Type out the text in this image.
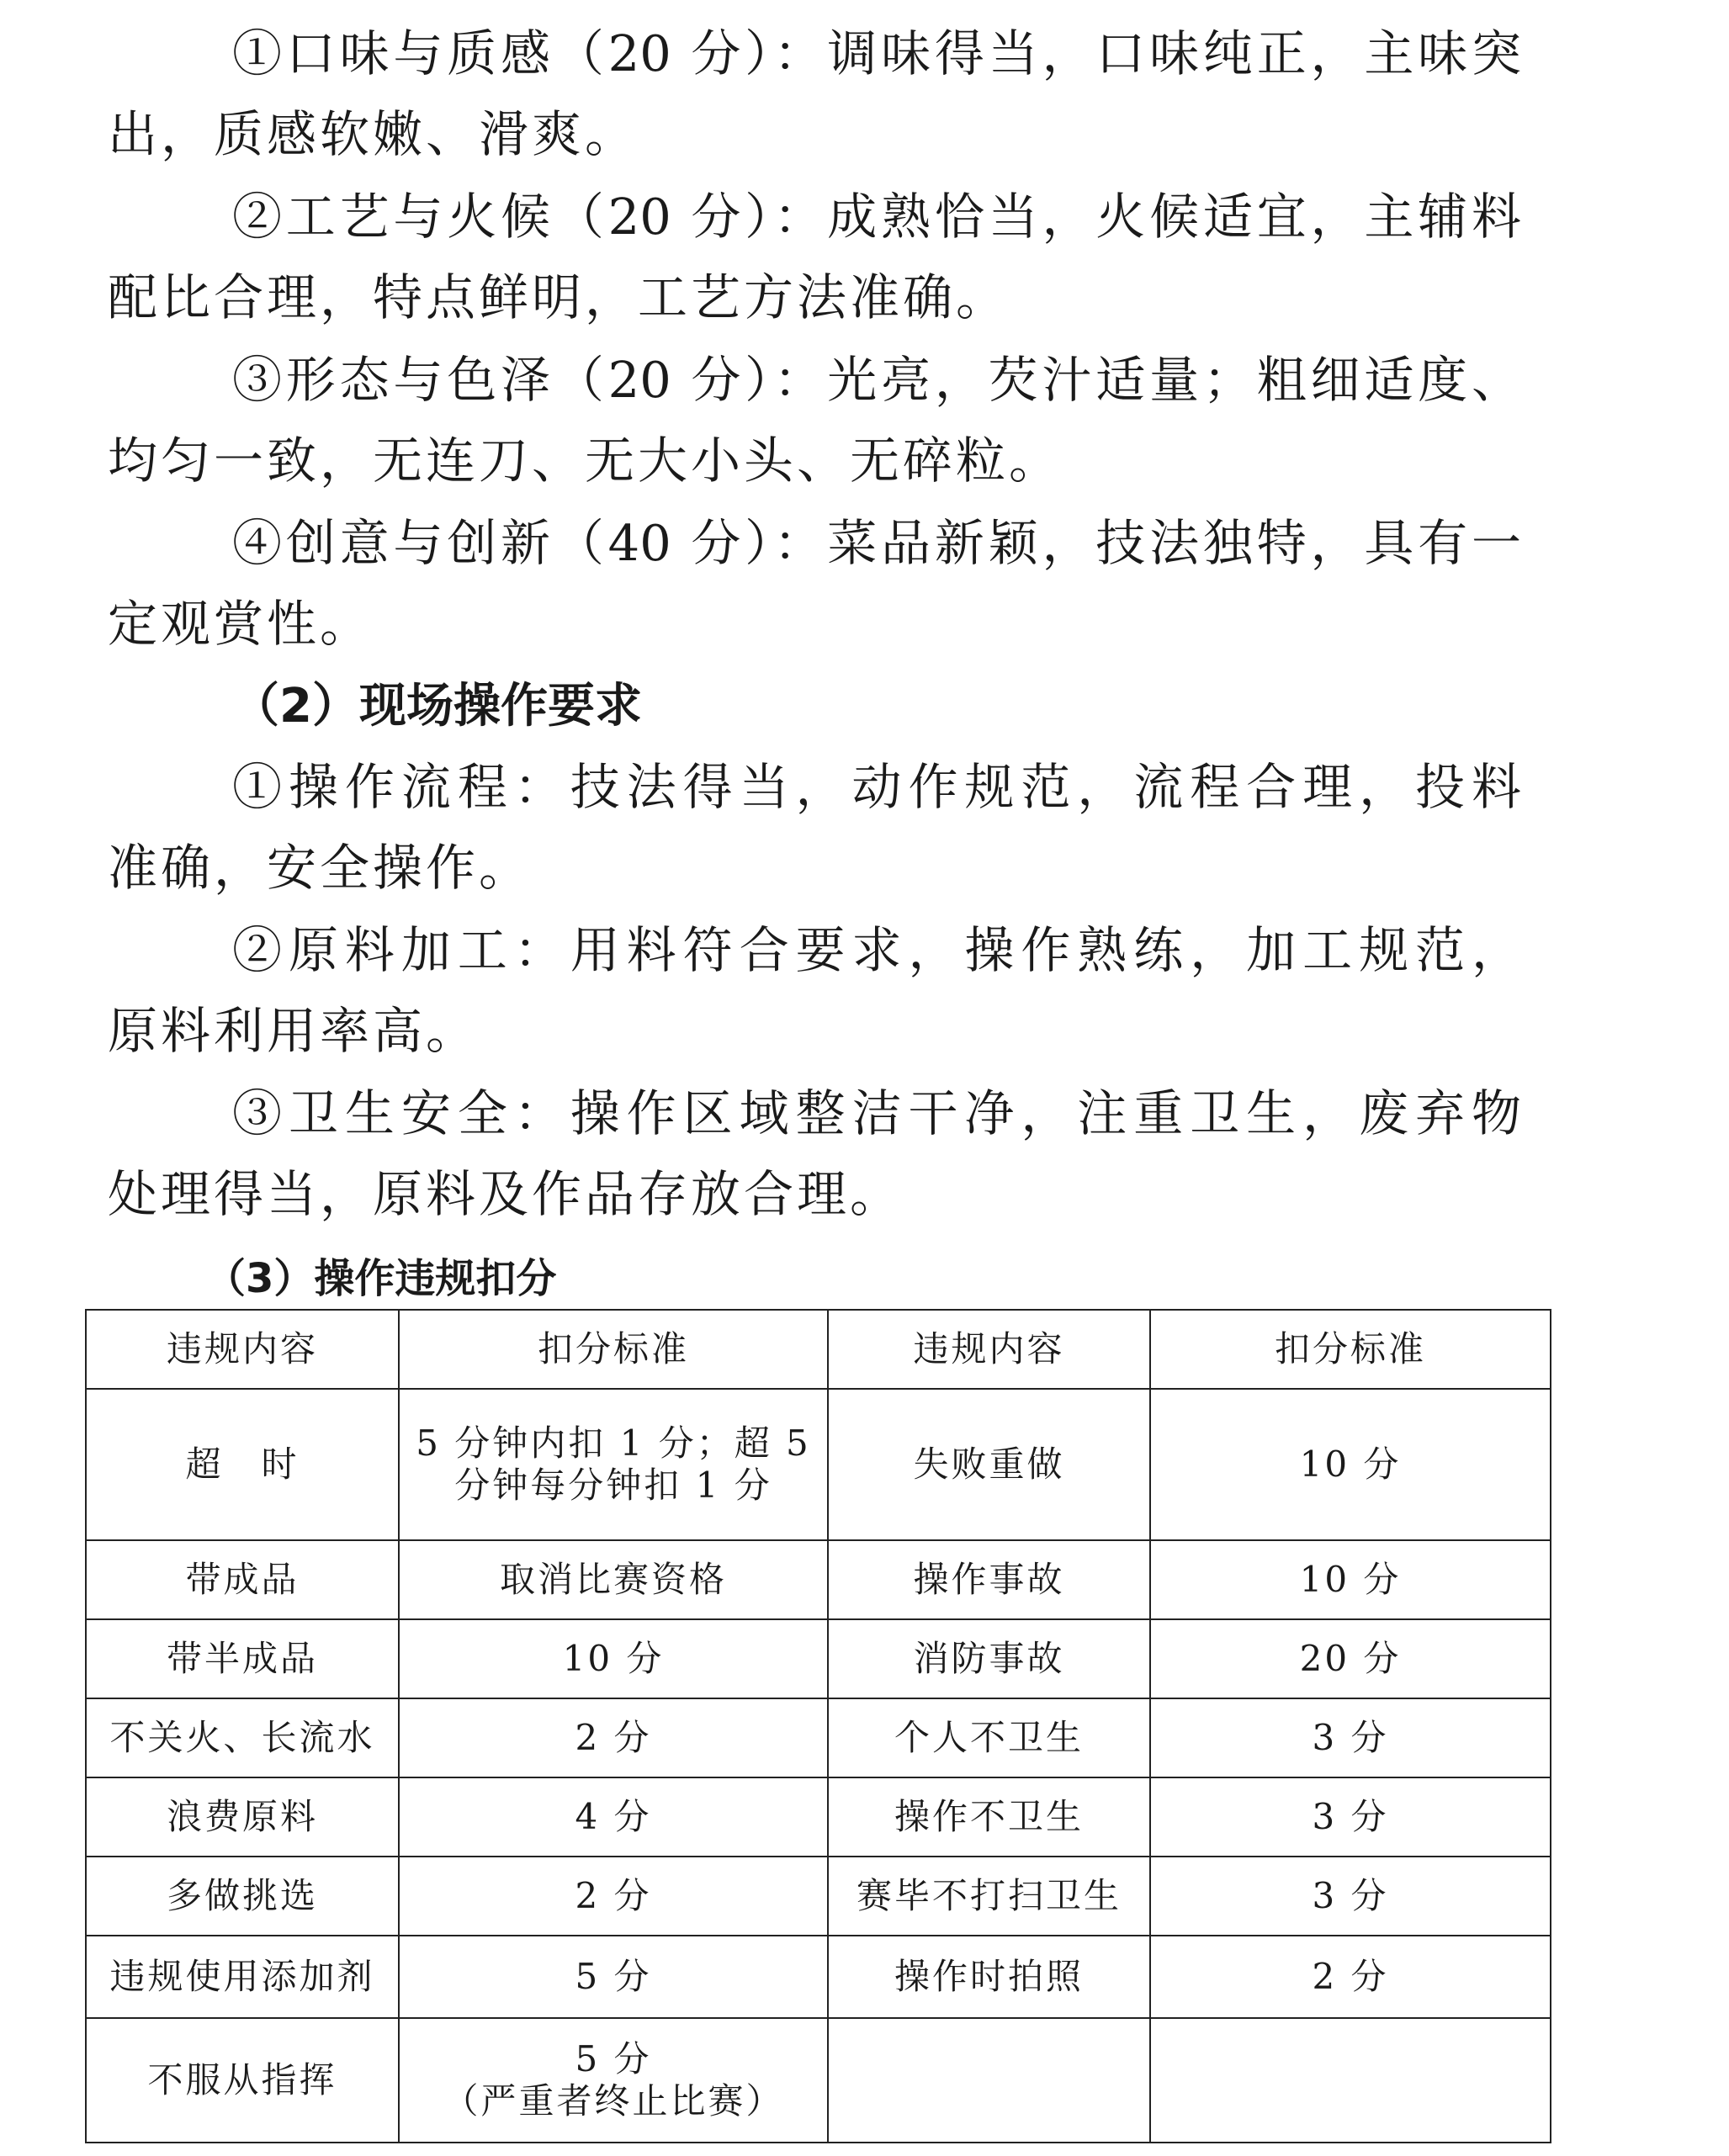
①口味与质感（20 分）：调味得当，口味纯正，主味突
出，质感软嫩、滑爽。
②工艺与火候（20 分）：成熟恰当，火候适宜，主辅料
配比合理，特点鲜明，工艺方法准确。
③形态与色泽（20 分）：光亮，芡汁适量；粗细适度、
均匀一致，无连刀、无大小头、无碎粒。
④创意与创新（40 分）：菜品新颖，技法独特，具有一
定观赏性。
（2）现场操作要求
①操作流程：技法得当，动作规范，流程合理，投料
准确，安全操作。
②原料加工：用料符合要求，操作熟练，加工规范，
原料利用率高。
③卫生安全：操作区域整洁干净，注重卫生，废弃物
处理得当，原料及作品存放合理。
（3）操作违规扣分
违规内容	扣分标准	违规内容	扣分标准
超　时	5 分钟内扣 1 分；超 5 分钟每分钟扣 1 分	失败重做	10 分
带成品	取消比赛资格	操作事故	10 分
带半成品	10 分	消防事故	20 分
不关火、长流水	2 分	个人不卫生	3 分
浪费原料	4 分	操作不卫生	3 分
多做挑选	2 分	赛毕不打扫卫生	3 分
违规使用添加剂	5 分	操作时拍照	2 分
不服从指挥	5 分
（严重者终止比赛）		
